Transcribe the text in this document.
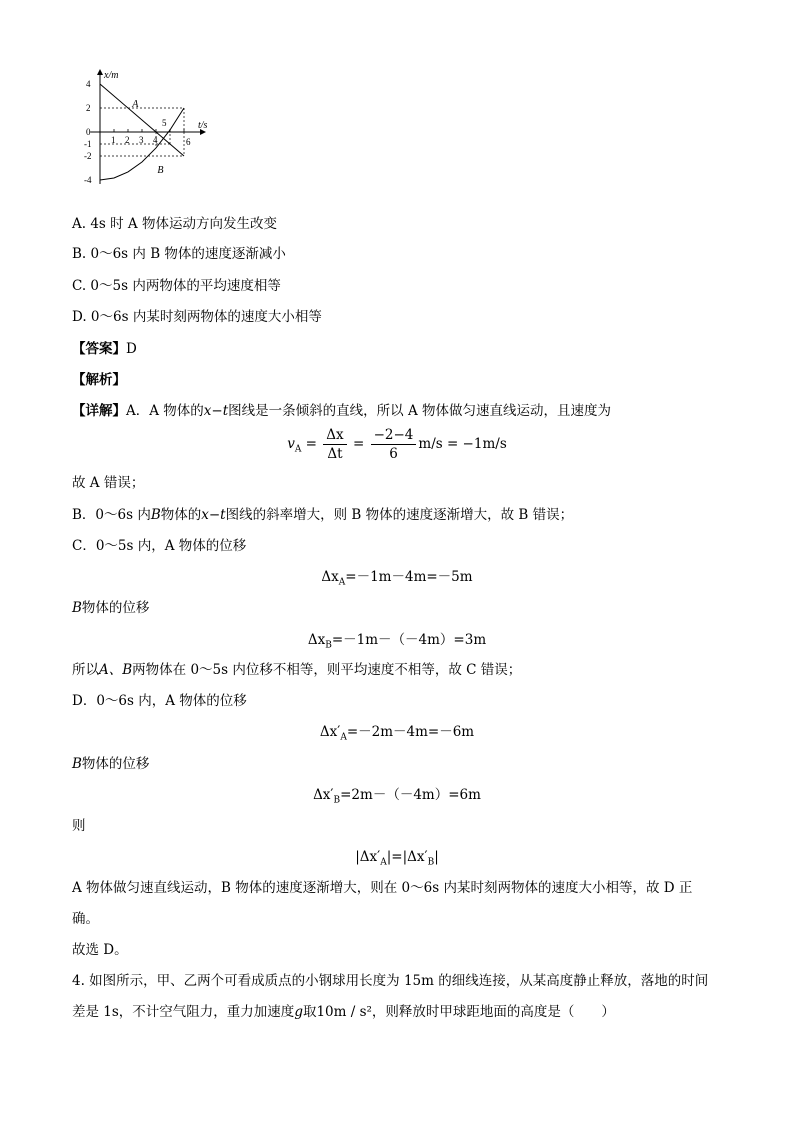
t/s
x/m
1 2 3 4
5
6
4
2
0
-1
-2
-4
A
B
A. 4s 时 A 物体运动方向发生改变
B. 0～6s 内 B 物体的速度逐渐减小
C. 0～5s 内两物体的平均速度相等
D. 0～6s 内某时刻两物体的速度大小相等
【答案】D
【解析】
【详解】A．A 物体的x−t图线是一条倾斜的直线，所以 A 物体做匀速直线运动，且速度为
$v_A = \frac{\Delta x}{\Delta t} = \frac{-2-4}{6} m/s = -1m/s$
故 A 错误；
B．0～6s 内B物体的x−t图线的斜率增大，则 B 物体的速度逐渐增大，故 B 错误；
C．0～5s 内，A 物体的位移
$\Delta x_A=-1m-4m=-5m$
B物体的位移
$\Delta x_B=-1m-(-4m)=3m$
所以A、B两物体在 0～5s 内位移不相等，则平均速度不相等，故 C 错误；
D．0～6s 内，A 物体的位移
$\Delta x'_A=-2m-4m=-6m$
B物体的位移
$\Delta x'_B=2m-(-4m)=6m$
则
$|\Delta x'_A|=|\Delta x'_B|$
A 物体做匀速直线运动，B 物体的速度逐渐增大，则在 0～6s 内某时刻两物体的速度大小相等，故 D 正
确。
故选 D。
4. 如图所示，甲、乙两个可看成质点的小钢球用长度为 15m 的细线连接，从某高度静止释放，落地的时间
差是 1s，不计空气阻力，重力加速度g取10m / s²，则释放时甲球距地面的高度是（　　）
